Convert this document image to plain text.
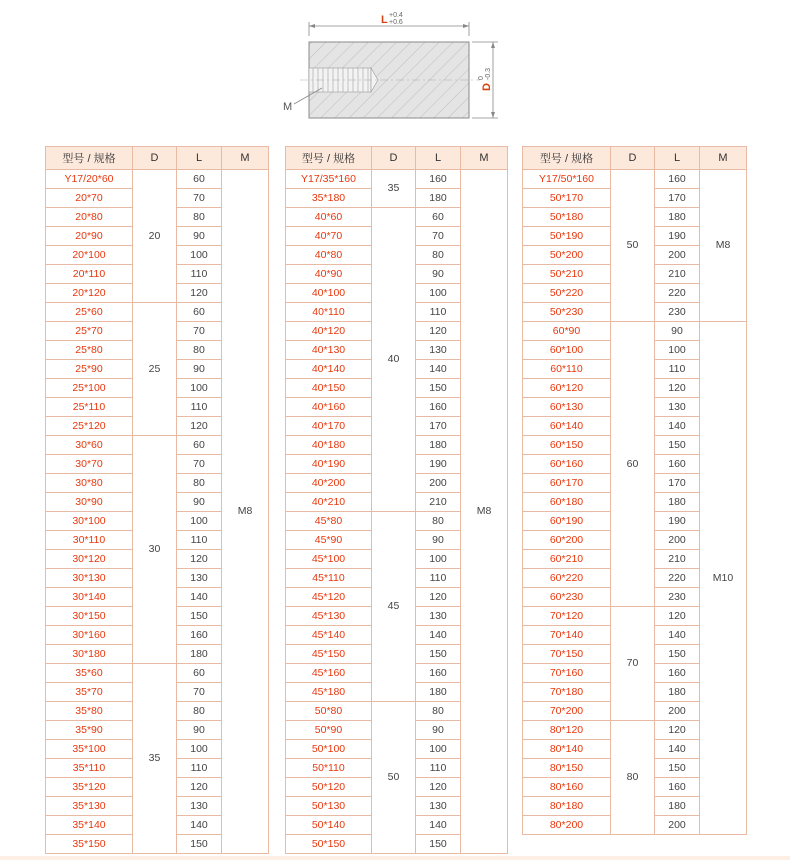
L +0.4
+0.6
D
0 -0.3
M
型号 / 规格	D	L	M
Y17/20*60	20	60	M8
20*70		70	
20*80		80	
20*90		90	
20*100		100	
20*110		110	
20*120		120	
25*60	25	60	
25*70		70	
25*80		80	
25*90		90	
25*100		100	
25*110		110	
25*120		120	
30*60	30	60	
30*70		70	
30*80		80	
30*90		90	
30*100		100	
30*110		110	
30*120		120	
30*130		130	
30*140		140	
30*150		150	
30*160		160	
30*180		180	
35*60	35	60	
35*70		70	
35*80		80	
35*90		90	
35*100		100	
35*110		110	
35*120		120	
35*130		130	
35*140		140	
35*150		150	
型号 / 规格	D	L	M
Y17/35*160	35	160	M8
35*180		180	
40*60	40	60	
40*70		70	
40*80		80	
40*90		90	
40*100		100	
40*110		110	
40*120		120	
40*130		130	
40*140		140	
40*150		150	
40*160		160	
40*170		170	
40*180		180	
40*190		190	
40*200		200	
40*210		210	
45*80	45	80	
45*90		90	
45*100		100	
45*110		110	
45*120		120	
45*130		130	
45*140		140	
45*150		150	
45*160		160	
45*180		180	
50*80	50	80	
50*90		90	
50*100		100	
50*110		110	
50*120		120	
50*130		130	
50*140		140	
50*150		150	
型号 / 规格	D	L	M
Y17/50*160	50	160	M8
50*170		170	
50*180		180	
50*190		190	
50*200		200	
50*210		210	
50*220		220	
50*230		230	
60*90	60	90	M10
60*100		100	
60*110		110	
60*120		120	
60*130		130	
60*140		140	
60*150		150	
60*160		160	
60*170		170	
60*180		180	
60*190		190	
60*200		200	
60*210		210	
60*220		220	
60*230		230	
70*120	70	120	
70*140		140	
70*150		150	
70*160		160	
70*180		180	
70*200		200	
80*120	80	120	
80*140		140	
80*150		150	
80*160		160	
80*180		180	
80*200		200	
